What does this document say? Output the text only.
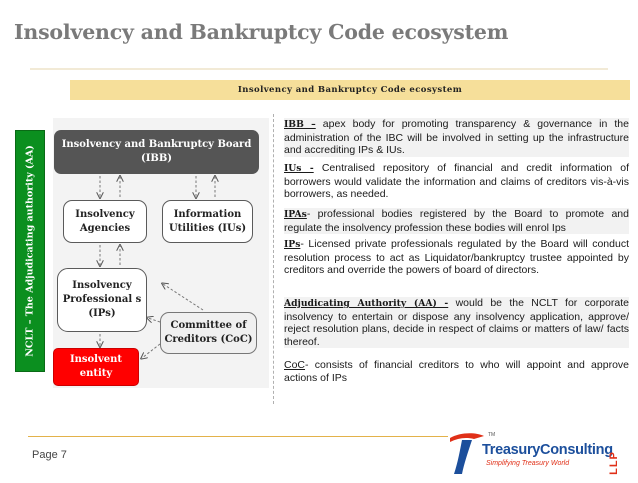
Insolvency and Bankruptcy Code ecosystem
Insolvency and Bankruptcy Code ecosystem
NCLT – The Adjudicating authority (AA)
Insolvency and Bankruptcy Board (IBB)
Insolvency Agencies
Information Utilities (IUs)
Insolvency Professional s (IPs)
Committee of Creditors (CoC)
Insolvent entity

IBB – apex body for promoting transparency & governance in the administration of the IBC will be involved in setting up the infrastructure and accrediting IPs & IUs.

IUs - Centralised repository of financial and credit information of borrowers would validate the information and claims of creditors vis-à-vis borrowers, as needed.

IPAs- professional bodies registered by the Board to promote and regulate the insolvency profession these bodies will enrol Ips

IPs- Licensed private professionals regulated by the Board will conduct resolution process to act as Liquidator/bankruptcy trustee appointed by creditors and override the powers of board of directors.

Adjudicating Authority (AA) - would be the NCLT for corporate insolvency to entertain or dispose any insolvency application, approve/ reject resolution plans, decide in respect of claims or matters of law/ facts thereof.

CoC- consists of financial creditors to who will appoint and approve actions of IPs

Page 7
TM
TreasuryConsulting
Simplifying Treasury World	LLP
